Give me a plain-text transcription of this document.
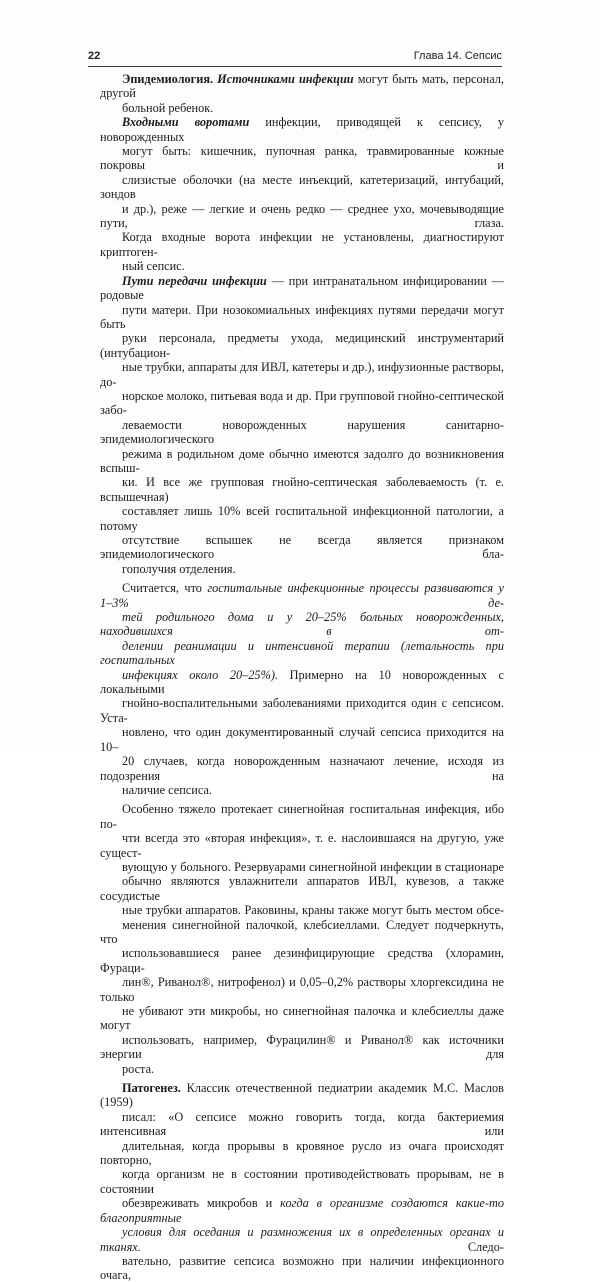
22	Глава 14. Сепсис

Эпидемиология. Источниками инфекции могут быть мать, персонал, другой
больной ребенок.

Входными воротами инфекции, приводящей к сепсису, у новорожденных
могут быть: кишечник, пупочная ранка, травмированные кожные покровы и
слизистые оболочки (на месте инъекций, катетеризаций, интубаций, зондов
и др.), реже — легкие и очень редко — среднее ухо, мочевыводящие пути, глаза.
Когда входные ворота инфекции не установлены, диагностируют криптоген-
ный сепсис.

Пути передачи инфекции — при интранатальном инфицировании — родовые
пути матери. При нозокомиальных инфекциях путями передачи могут быть
руки персонала, предметы ухода, медицинский инструментарий (интубацион-
ные трубки, аппараты для ИВЛ, катетеры и др.), инфузионные растворы, до-
норское молоко, питьевая вода и др. При групповой гнойно-септической забо-
леваемости новорожденных нарушения санитарно-эпидемиологического
режима в родильном доме обычно имеются задолго до возникновения вспыш-
ки. И все же групповая гнойно-септическая заболеваемость (т. е. вспышечная)
составляет лишь 10% всей госпитальной инфекционной патологии, а потому
отсутствие вспышек не всегда является признаком эпидемиологического бла-
гополучия отделения.

Считается, что госпитальные инфекционные процессы развиваются у 1–3% де-
тей родильного дома и у 20–25% больных новорожденных, находившихся в от-
делении реанимации и интенсивной терапии (летальность при госпитальных
инфекциях около 20–25%). Примерно на 10 новорожденных с локальными
гнойно-воспалительными заболеваниями приходится один с сепсисом. Уста-
новлено, что один документированный случай сепсиса приходится на 10–
20 случаев, когда новорожденным назначают лечение, исходя из подозрения на
наличие сепсиса.

Особенно тяжело протекает синегнойная госпитальная инфекция, ибо по-
чти всегда это «вторая инфекция», т. е. наслоившаяся на другую, уже сущест-
вующую у больного. Резервуарами синегнойной инфекции в стационаре
обычно являются увлажнители аппаратов ИВЛ, кувезов, а также сосудистые
ные трубки аппаратов. Раковины, краны также могут быть местом обсе-
менения синегнойной палочкой, клебсиеллами. Следует подчеркнуть, что
использовавшиеся ранее дезинфицирующие средства (хлорамин, Фураци-
лин®, Риванол®, нитрофенол) и 0,05–0,2% растворы хлоргексидина не только
не убивают эти микробы, но синегнойная палочка и клебсиеллы даже могут
использовать, например, Фурацилин® и Риванол® как источники энергии для
роста.

Патогенез. Классик отечественной педиатрии академик М.С. Маслов (1959)
писал: «О сепсисе можно говорить тогда, когда бактериемия интенсивная или
длительная, когда прорывы в кровяное русло из очага происходят повторно,
когда организм не в состоянии противодействовать прорывам, не в состоянии
обезвреживать микробов и когда в организме создаются какие-то благоприятные
условия для оседания и размножения их в определенных органах и тканях. Следо-
вательно, развитие сепсиса возможно при наличии инфекционного очага,
